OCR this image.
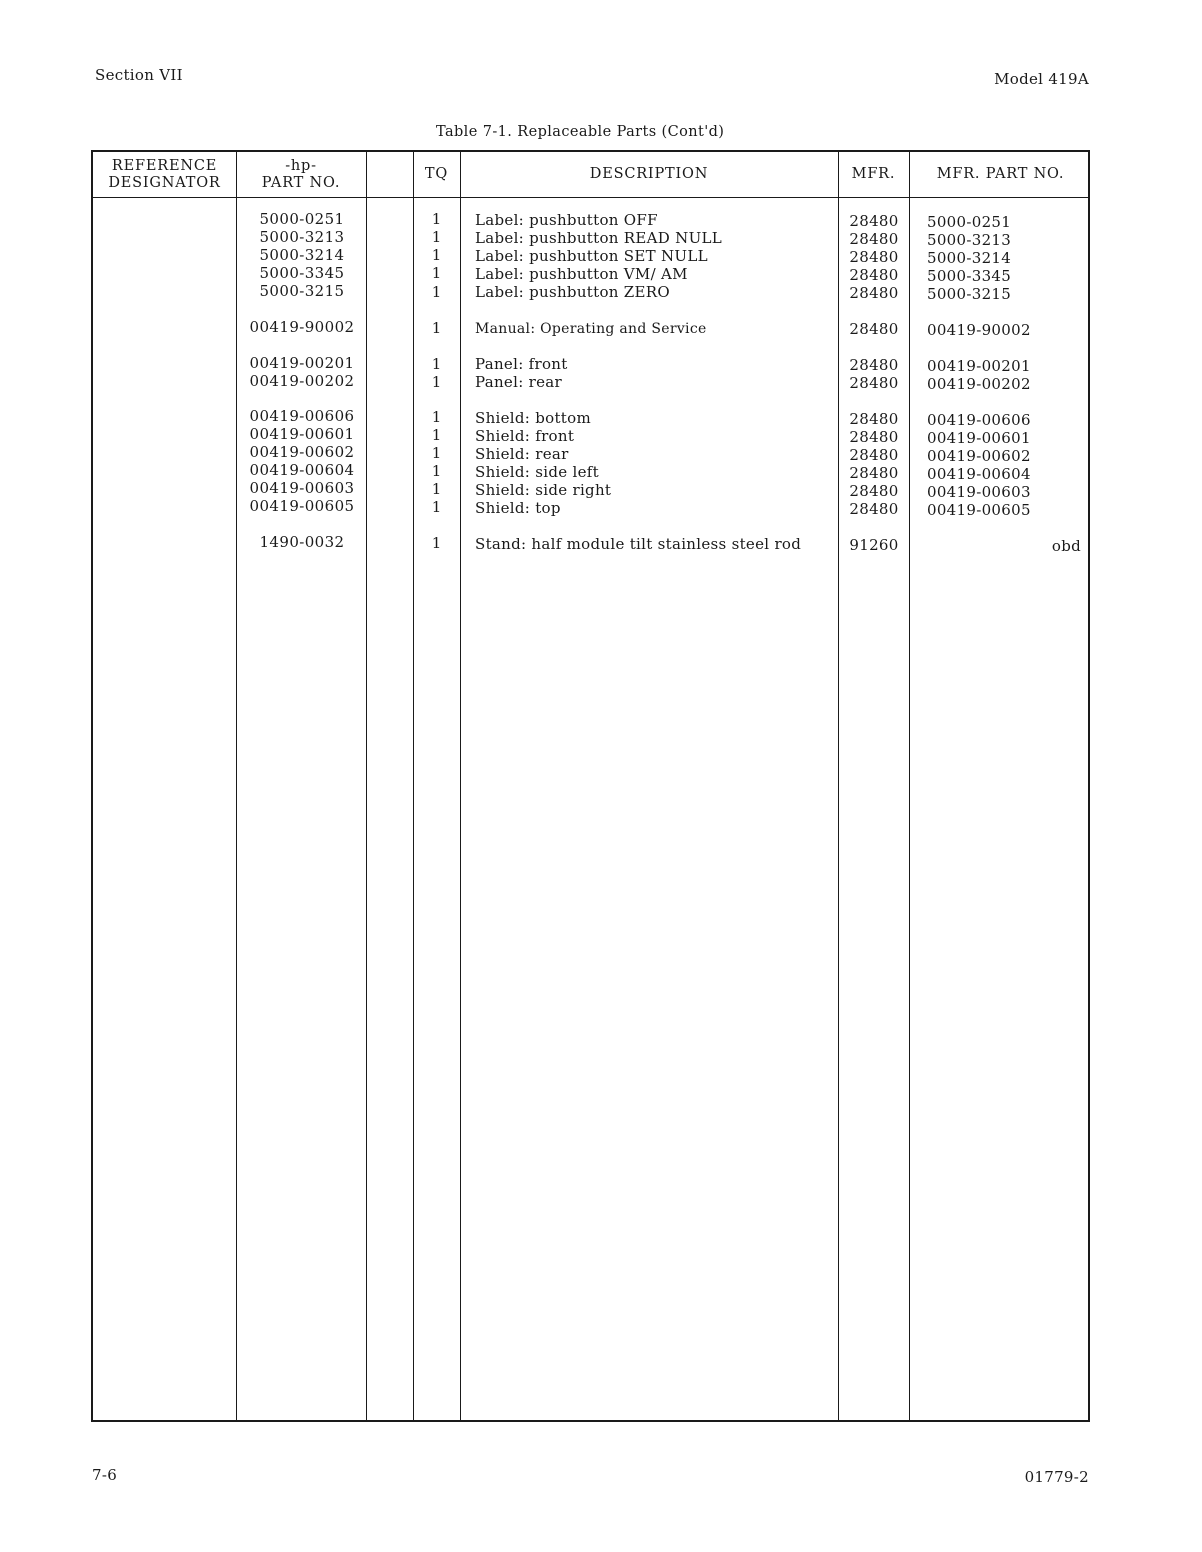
Section VII	Model 419A
Table 7-1. Replaceable Parts (Cont'd)
REFERENCE
DESIGNATOR
-hp-
PART NO.
TQ	DESCRIPTION	MFR.	MFR. PART NO.
5000-0251	1	Label: pushbutton OFF	28480	5000-0251
5000-3213	1	Label: pushbutton READ NULL	28480	5000-3213
5000-3214	1	Label: pushbutton SET NULL	28480	5000-3214
5000-3345	1	Label: pushbutton VM/ AM	28480	5000-3345
5000-3215	1	Label: pushbutton ZERO	28480	5000-3215
00419-90002	1	Manual: Operating and Service	28480	00419-90002
00419-00201	1	Panel: front	28480	00419-00201
00419-00202	1	Panel: rear	28480	00419-00202
00419-00606	1	Shield: bottom	28480	00419-00606
00419-00601	1	Shield: front	28480	00419-00601
00419-00602	1	Shield: rear	28480	00419-00602
00419-00604	1	Shield: side left	28480	00419-00604
00419-00603	1	Shield: side right	28480	00419-00603
00419-00605	1	Shield: top	28480	00419-00605
1490-0032	1	Stand: half module tilt stainless steel rod	91260	obd
7-6	01779-2
